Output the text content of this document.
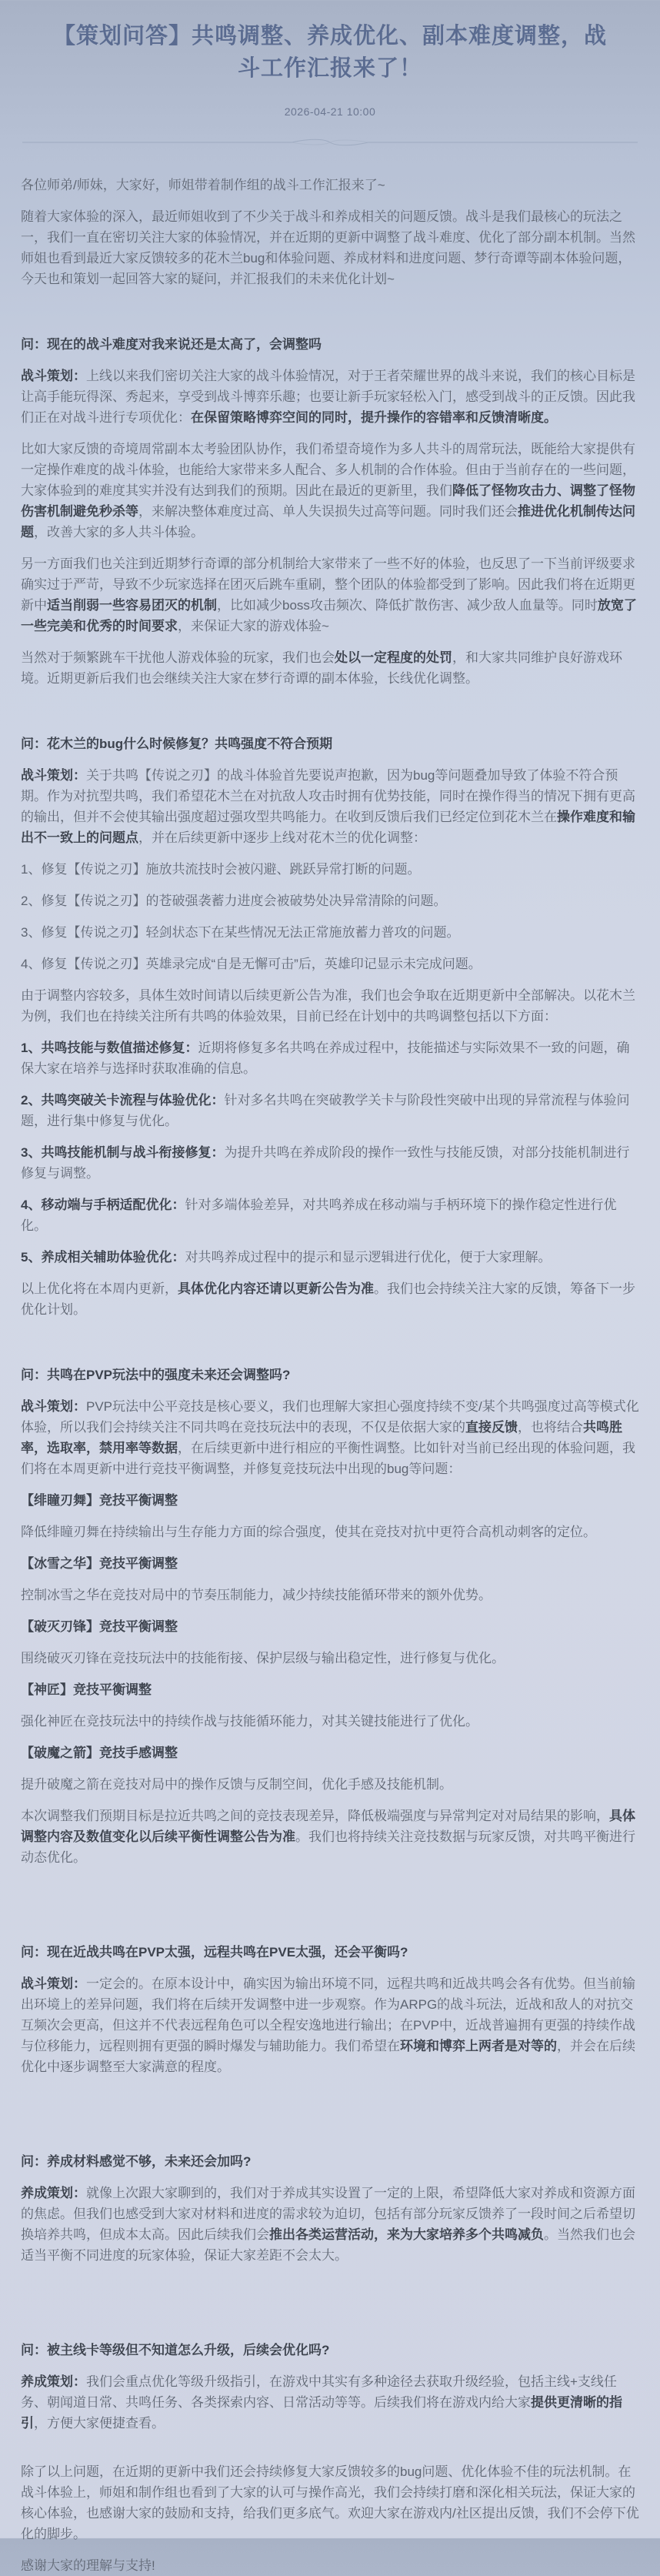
【策划问答】共鸣调整、养成优化、副本难度调整，战斗工作汇报来了！
2026-04-21 10:00
各位师弟/师妹，大家好，师姐带着制作组的战斗工作汇报来了~
随着大家体验的深入，最近师姐收到了不少关于战斗和养成相关的问题反馈。战斗是我们最核心的玩法之一，我们一直在密切关注大家的体验情况，并在近期的更新中调整了战斗难度、优化了部分副本机制。当然师姐也看到最近大家反馈较多的花木兰bug和体验问题、养成材料和进度问题、梦行奇谭等副本体验问题，今天也和策划一起回答大家的疑问，并汇报我们的未来优化计划~
问：现在的战斗难度对我来说还是太高了，会调整吗
战斗策划：上线以来我们密切关注大家的战斗体验情况，对于王者荣耀世界的战斗来说，我们的核心目标是让高手能玩得深、秀起来，享受到战斗博弈乐趣；也要让新手玩家轻松入门，感受到战斗的正反馈。因此我们正在对战斗进行专项优化：在保留策略博弈空间的同时，提升操作的容错率和反馈清晰度。
比如大家反馈的奇境周常副本太考验团队协作，我们希望奇境作为多人共斗的周常玩法，既能给大家提供有一定操作难度的战斗体验，也能给大家带来多人配合、多人机制的合作体验。但由于当前存在的一些问题，大家体验到的难度其实并没有达到我们的预期。因此在最近的更新里，我们降低了怪物攻击力、调整了怪物伤害机制避免秒杀等，来解决整体难度过高、单人失误损失过高等问题。同时我们还会推进优化机制传达问题，改善大家的多人共斗体验。
另一方面我们也关注到近期梦行奇谭的部分机制给大家带来了一些不好的体验，也反思了一下当前评级要求确实过于严苛，导致不少玩家选择在团灭后跳车重刷，整个团队的体验都受到了影响。因此我们将在近期更新中适当削弱一些容易团灭的机制，比如减少boss攻击频次、降低扩散伤害、减少敌人血量等。同时放宽了一些完美和优秀的时间要求，来保证大家的游戏体验~
当然对于频繁跳车干扰他人游戏体验的玩家，我们也会处以一定程度的处罚，和大家共同维护良好游戏环境。近期更新后我们也会继续关注大家在梦行奇谭的副本体验，长线优化调整。
问：花木兰的bug什么时候修复？共鸣强度不符合预期
战斗策划：关于共鸣【传说之刃】的战斗体验首先要说声抱歉，因为bug等问题叠加导致了体验不符合预期。作为对抗型共鸣，我们希望花木兰在对抗敌人攻击时拥有优势技能，同时在操作得当的情况下拥有更高的输出，但并不会使其输出强度超过强攻型共鸣能力。在收到反馈后我们已经定位到花木兰在操作难度和输出不一致上的问题点，并在后续更新中逐步上线对花木兰的优化调整：
1、修复【传说之刃】施放共流技时会被闪避、跳跃异常打断的问题。
2、修复【传说之刃】的苍破强袭蓄力进度会被破势处决异常清除的问题。
3、修复【传说之刃】轻剑状态下在某些情况无法正常施放蓄力普攻的问题。
4、修复【传说之刃】英雄录完成“自是无懈可击”后，英雄印记显示未完成问题。
由于调整内容较多，具体生效时间请以后续更新公告为准，我们也会争取在近期更新中全部解决。以花木兰为例，我们也在持续关注所有共鸣的体验效果，目前已经在计划中的共鸣调整包括以下方面：
1、共鸣技能与数值描述修复：近期将修复多名共鸣在养成过程中，技能描述与实际效果不一致的问题，确保大家在培养与选择时获取准确的信息。
2、共鸣突破关卡流程与体验优化：针对多名共鸣在突破教学关卡与阶段性突破中出现的异常流程与体验问题，进行集中修复与优化。
3、共鸣技能机制与战斗衔接修复：为提升共鸣在养成阶段的操作一致性与技能反馈，对部分技能机制进行修复与调整。
4、移动端与手柄适配优化：针对多端体验差异，对共鸣养成在移动端与手柄环境下的操作稳定性进行优化。
5、养成相关辅助体验优化：对共鸣养成过程中的提示和显示逻辑进行优化，便于大家理解。
以上优化将在本周内更新，具体优化内容还请以更新公告为准。我们也会持续关注大家的反馈，筹备下一步优化计划。
问：共鸣在PVP玩法中的强度未来还会调整吗?
战斗策划：PVP玩法中公平竞技是核心要义，我们也理解大家担心强度持续不变/某个共鸣强度过高等模式化体验，所以我们会持续关注不同共鸣在竞技玩法中的表现，不仅是依据大家的直接反馈，也将结合共鸣胜率，选取率，禁用率等数据，在后续更新中进行相应的平衡性调整。比如针对当前已经出现的体验问题，我们将在本周更新中进行竞技平衡调整，并修复竞技玩法中出现的bug等问题：
【绯瞳刃舞】竞技平衡调整
降低绯瞳刃舞在持续输出与生存能力方面的综合强度，使其在竞技对抗中更符合高机动刺客的定位。
【冰雪之华】竞技平衡调整
控制冰雪之华在竞技对局中的节奏压制能力，减少持续技能循环带来的额外优势。
【破灭刃锋】竞技平衡调整
围绕破灭刃锋在竞技玩法中的技能衔接、保护层级与输出稳定性，进行修复与优化。
【神匠】竞技平衡调整
强化神匠在竞技玩法中的持续作战与技能循环能力，对其关键技能进行了优化。
【破魔之箭】竞技手感调整
提升破魔之箭在竞技对局中的操作反馈与反制空间，优化手感及技能机制。
本次调整我们预期目标是拉近共鸣之间的竞技表现差异，降低极端强度与异常判定对对局结果的影响，具体调整内容及数值变化以后续平衡性调整公告为准。我们也将持续关注竞技数据与玩家反馈，对共鸣平衡进行动态优化。
问：现在近战共鸣在PVP太强，远程共鸣在PVE太强，还会平衡吗?
战斗策划：一定会的。在原本设计中，确实因为输出环境不同，远程共鸣和近战共鸣会各有优势。但当前输出环境上的差异问题，我们将在后续开发调整中进一步观察。作为ARPG的战斗玩法，近战和敌人的对抗交互频次会更高，但这并不代表远程角色可以全程安逸地进行输出；在PVP中，近战普遍拥有更强的持续作战与位移能力，远程则拥有更强的瞬时爆发与辅助能力。我们希望在环境和博弈上两者是对等的，并会在后续优化中逐步调整至大家满意的程度。
问：养成材料感觉不够，未来还会加吗?
养成策划：就像上次跟大家聊到的，我们对于养成其实设置了一定的上限，希望降低大家对养成和资源方面的焦虑。但我们也感受到大家对材料和进度的需求较为迫切，包括有部分玩家反馈养了一段时间之后希望切换培养共鸣，但成本太高。因此后续我们会推出各类运营活动，来为大家培养多个共鸣减负。当然我们也会适当平衡不同进度的玩家体验，保证大家差距不会太大。
问：被主线卡等级但不知道怎么升级，后续会优化吗?
养成策划：我们会重点优化等级升级指引，在游戏中其实有多种途径去获取升级经验，包括主线+支线任务、朝闻道日常、共鸣任务、各类探索内容、日常活动等等。后续我们将在游戏内给大家提供更清晰的指引，方便大家便捷查看。
除了以上问题，在近期的更新中我们还会持续修复大家反馈较多的bug问题、优化体验不佳的玩法机制。在战斗体验上，师姐和制作组也看到了大家的认可与操作高光，我们会持续打磨和深化相关玩法，保证大家的核心体验，也感谢大家的鼓励和支持，给我们更多底气。欢迎大家在游戏内/社区提出反馈，我们不会停下优化的脚步。
感谢大家的理解与支持!
